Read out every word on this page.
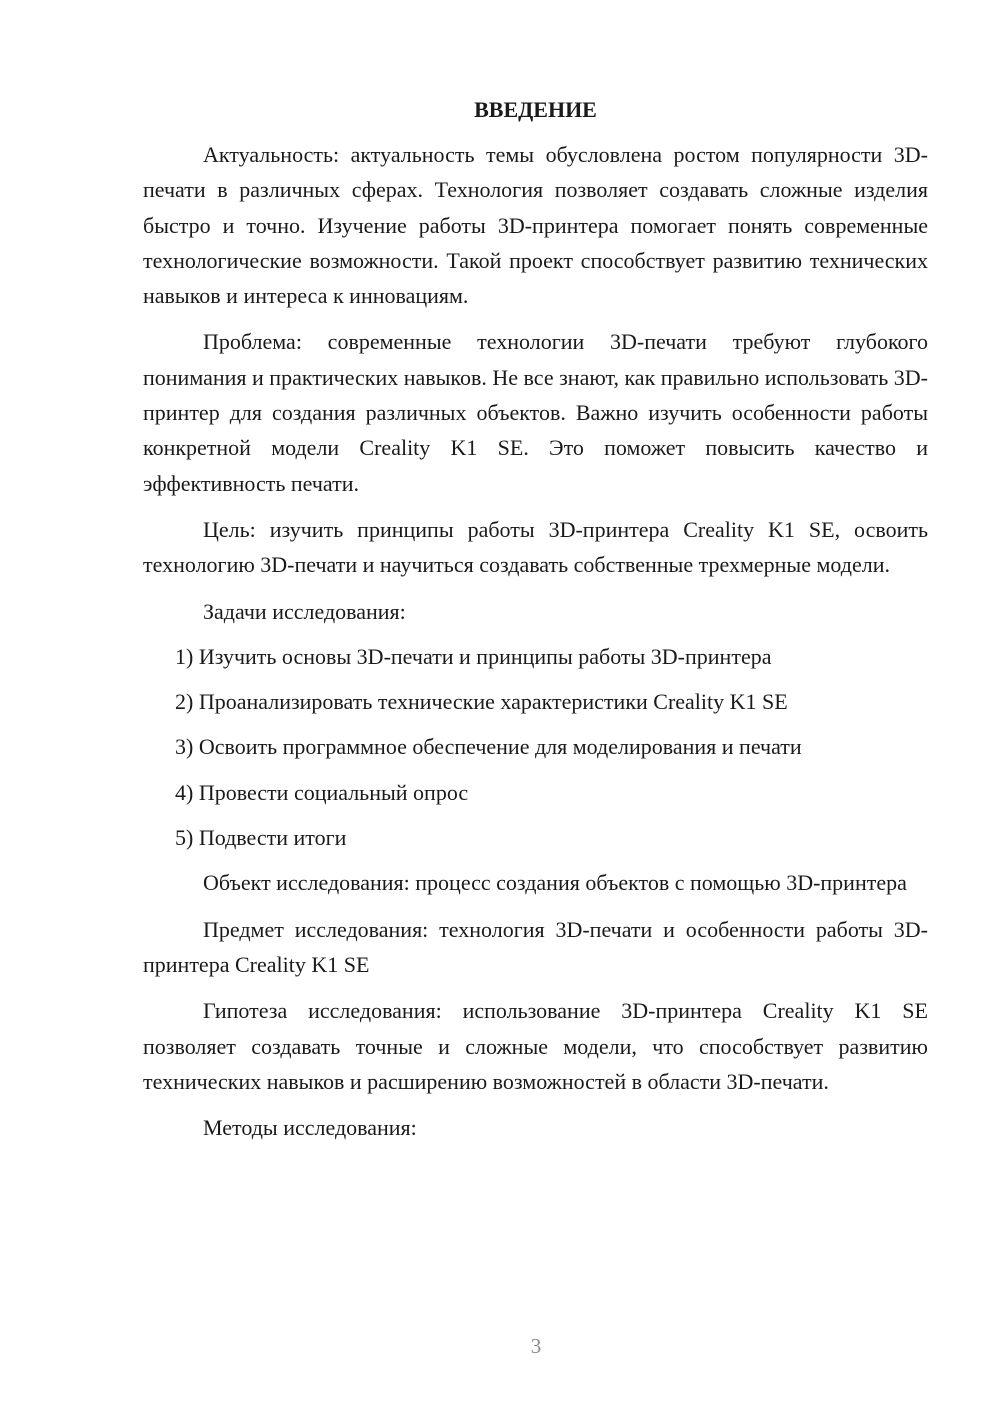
ВВЕДЕНИЕ

Актуальность: актуальность темы обусловлена ростом популярности 3D-печати в различных сферах. Технология позволяет создавать сложные изделия быстро и точно. Изучение работы 3D-принтера помогает понять современные технологические возможности. Такой проект способствует развитию технических навыков и интереса к инновациям.

Проблема: современные технологии 3D-печати требуют глубокого понимания и практических навыков. Не все знают, как правильно использовать 3D-принтер для создания различных объектов. Важно изучить особенности работы конкретной модели Creality K1 SE. Это поможет повысить качество и эффективность печати.

Цель: изучить принципы работы 3D-принтера Creality K1 SE, освоить технологию 3D-печати и научиться создавать собственные трехмерные модели.

Задачи исследования:
1) Изучить основы 3D-печати и принципы работы 3D-принтера
2) Проанализировать технические характеристики Creality K1 SE
3) Освоить программное обеспечение для моделирования и печати
4) Провести социальный опрос
5) Подвести итоги

Объект исследования: процесс создания объектов с помощью 3D-принтера

Предмет исследования: технология 3D-печати и особенности работы 3D-принтера Creality K1 SE

Гипотеза исследования: использование 3D-принтера Creality K1 SE позволяет создавать точные и сложные модели, что способствует развитию технических навыков и расширению возможностей в области 3D-печати.

Методы исследования:

3
